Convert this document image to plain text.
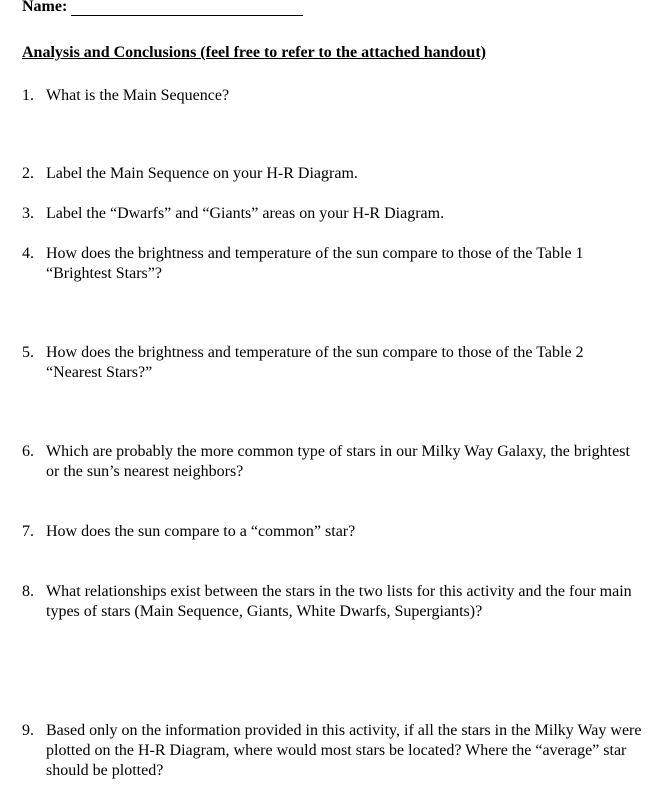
Name:
Analysis and Conclusions (feel free to refer to the attached handout)
1. What is the Main Sequence?
2. Label the Main Sequence on your H-R Diagram.
3. Label the “Dwarfs” and “Giants” areas on your H-R Diagram.
4. How does the brightness and temperature of the sun compare to those of the Table 1 “Brightest Stars”?
5. How does the brightness and temperature of the sun compare to those of the Table 2 “Nearest Stars?”
6. Which are probably the more common type of stars in our Milky Way Galaxy, the brightest or the sun’s nearest neighbors?
7. How does the sun compare to a “common” star?
8. What relationships exist between the stars in the two lists for this activity and the four main types of stars (Main Sequence, Giants, White Dwarfs, Supergiants)?
9. Based only on the information provided in this activity, if all the stars in the Milky Way were plotted on the H-R Diagram, where would most stars be located? Where the “average” star should be plotted?
